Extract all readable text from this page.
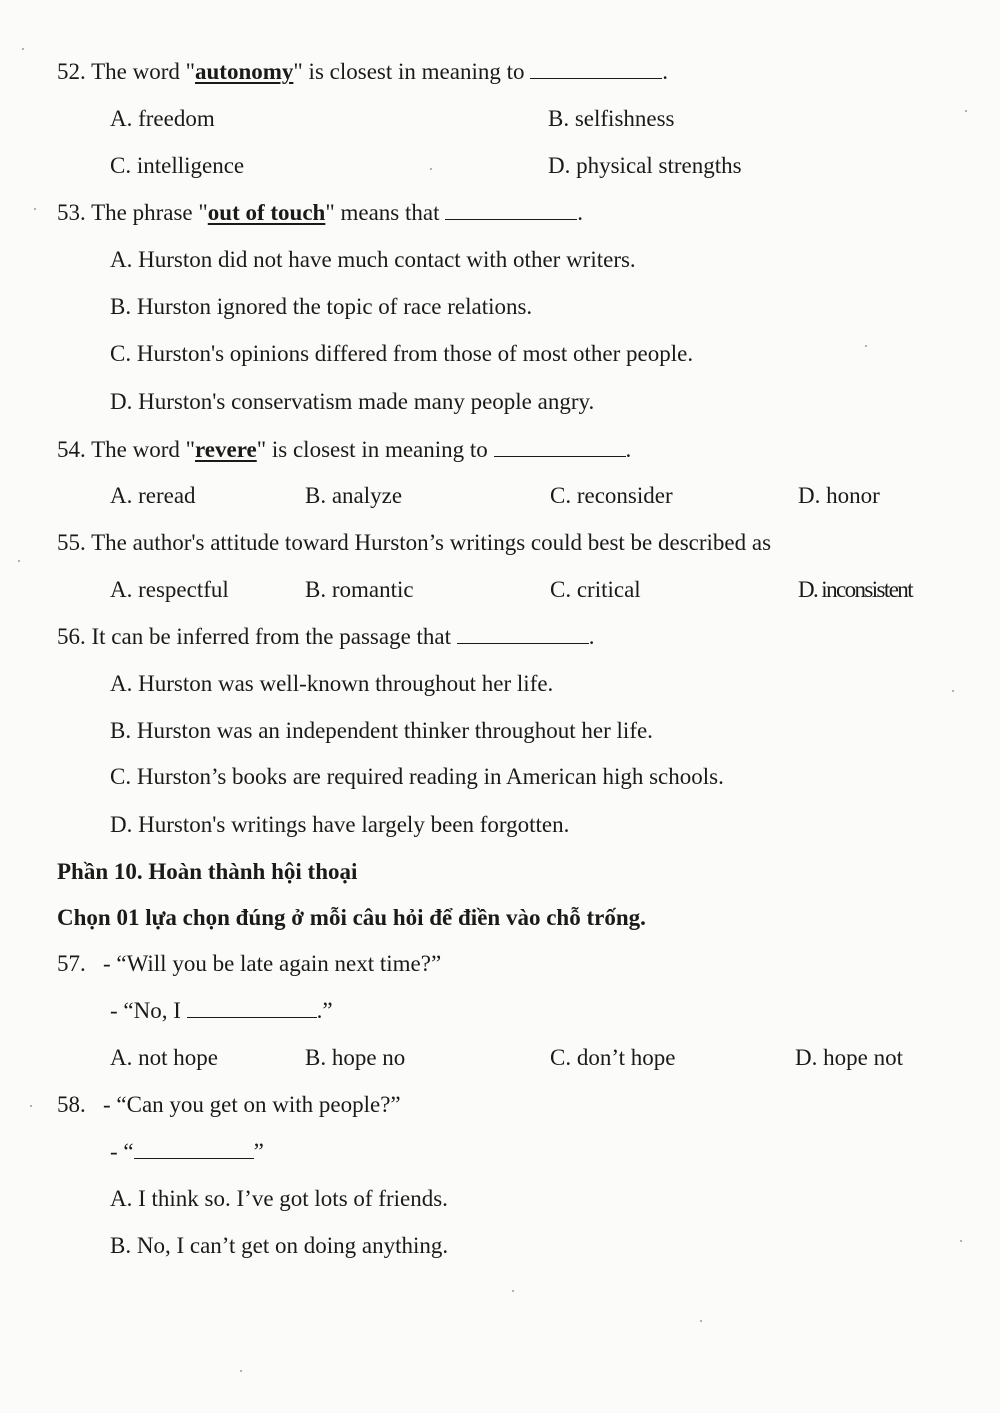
52. The word "autonomy" is closest in meaning to	.
A. freedom	B. selfishness
C. intelligence	D. physical strengths
53. The phrase "out of touch" means that	.
A. Hurston did not have much contact with other writers.
B. Hurston ignored the topic of race relations.
C. Hurston's opinions differed from those of most other people.
D. Hurston's conservatism made many people angry.
54. The word "revere" is closest in meaning to	.
A. reread	B. analyze	C. reconsider	D. honor
55. The author's attitude toward Hurston’s writings could best be described as
A. respectful	B. romantic	C. critical	D. inconsistent
56. It can be inferred from the passage that	.
A. Hurston was well-known throughout her life.
B. Hurston was an independent thinker throughout her life.
C. Hurston’s books are required reading in American high schools.
D. Hurston's writings have largely been forgotten.
Phần 10. Hoàn thành hội thoại
Chọn 01 lựa chọn đúng ở mỗi câu hỏi để điền vào chỗ trống.
57. - “Will you be late again next time?”
- “No, I	.”
A. not hope	B. hope no	C. don’t hope	D. hope not
58. - “Can you get on with people?”
- “	”
A. I think so. I’ve got lots of friends.
B. No, I can’t get on doing anything.
